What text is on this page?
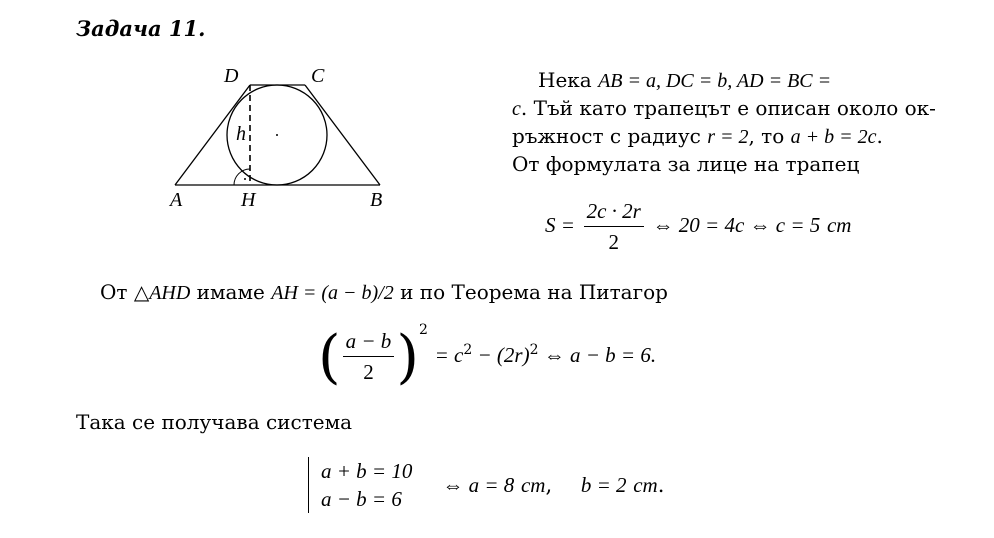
Задача 11.
D	C
A	H	B
h
Нека AB = a, DC = b, AD = BC =
c. Тъй като трапецът е описан около ок-
ръжност с радиус r = 2, то a + b = 2c.
От формулата за лице на трапец
$S = \frac{2c \cdot 2r}{2}$ ⇔ 20 = 4c ⇔ c = 5 cm
От △AHD имаме AH = (a − b)/2 и по Теорема на Питагор
( $\frac{a - b}{2} )^2 = c^2 - (2r)^2$ ⇔ a − b = 6.
Така се получава система
a + b = 10
a − b = 6
⇔ a = 8 cm, b = 2 cm.
